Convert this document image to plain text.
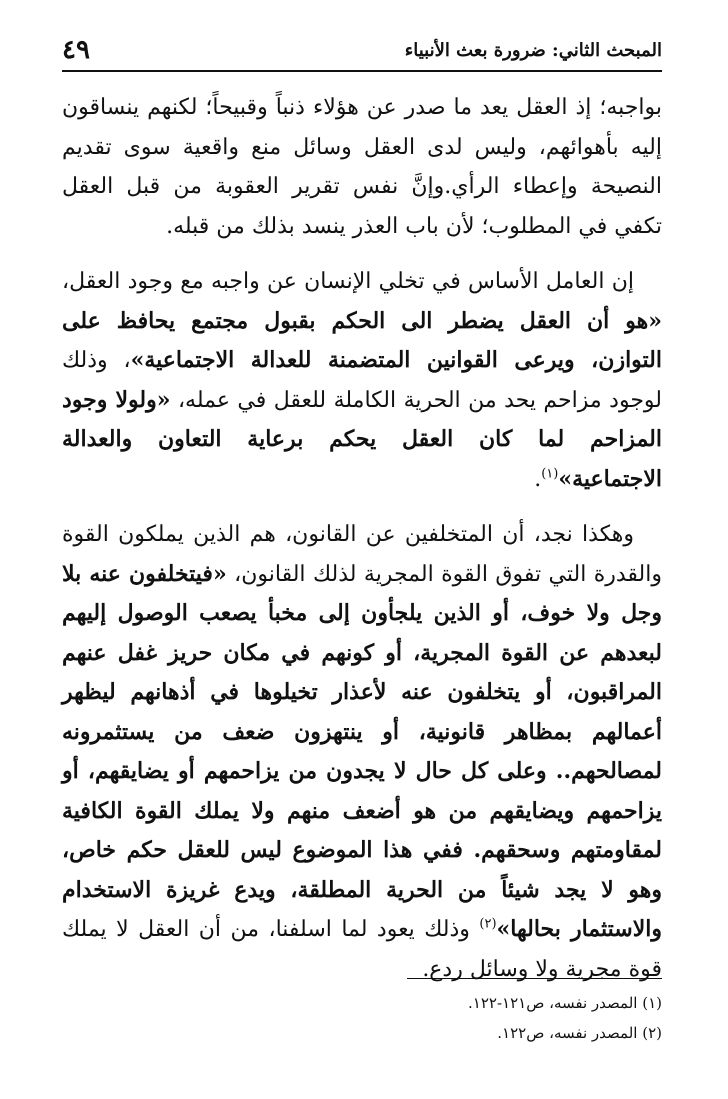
المبحث الثاني: ضرورة بعث الأنبياء
٤٩

بواجبه؛ إذ العقل يعد ما صدر عن هؤلاء ذنباً وقبيحاً؛ لكنهم ينساقون إليه بأهوائهم، وليس لدى العقل وسائل منع واقعية سوى تقديم النصيحة وإعطاء الرأي.وإنَّ نفس تقرير العقوبة من قبل العقل تكفي في المطلوب؛ لأن باب العذر ينسد بذلك من قبله.

إن العامل الأساس في تخلي الإنسان عن واجبه مع وجود العقل، «هو أن العقل يضطر الى الحكم بقبول مجتمع يحافظ على التوازن، ويرعى القوانين المتضمنة للعدالة الاجتماعية»، وذلك لوجود مزاحم يحد من الحرية الكاملة للعقل في عمله، «ولولا وجود المزاحم لما كان العقل يحكم برعاية التعاون والعدالة الاجتماعية»$^{(١)}$.

وهكذا نجد، أن المتخلفين عن القانون، هم الذين يملكون القوة والقدرة التي تفوق القوة المجرية لذلك القانون، «فيتخلفون عنه بلا وجل ولا خوف، أو الذين يلجأون إلى مخبأ يصعب الوصول إليهم لبعدهم عن القوة المجرية، أو كونهم في مكان حريز غفل عنهم المراقبون، أو يتخلفون عنه لأعذار تخيلوها في أذهانهم ليظهر أعمالهم بمظاهر قانونية، أو ينتهزون ضعف من يستثمرونه لمصالحهم.. وعلى كل حال لا يجدون من يزاحمهم أو يضايقهم، أو يزاحمهم ويضايقهم من هو أضعف منهم ولا يملك القوة الكافية لمقاومتهم وسحقهم. ففي هذا الموضوع ليس للعقل حكم خاص، وهو لا يجد شيئاً من الحرية المطلقة، ويدع غريزة الاستخدام والاستثمار بحالها»$^{(٢)}$ وذلك يعود لما اسلفنا، من أن العقل لا يملك قوة مجرية ولا وسائل ردع.

(١) المصدر نفسه، ص١٢١-١٢٢.
(٢) المصدر نفسه، ص١٢٢.
